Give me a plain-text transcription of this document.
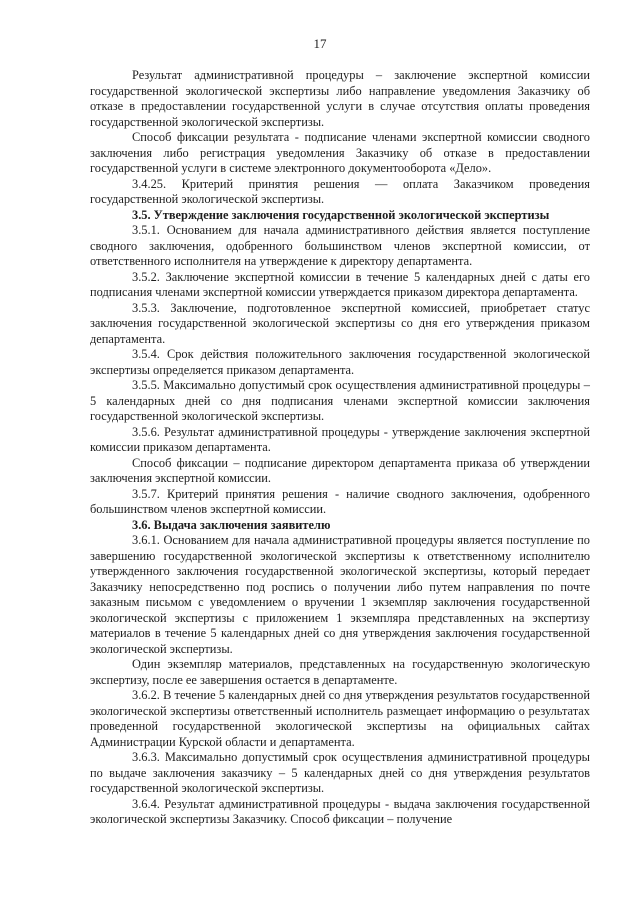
17

Результат административной процедуры – заключение экспертной комиссии государственной экологической экспертизы либо направление уведомления Заказчику об отказе в предоставлении государственной услуги в случае отсутствия оплаты проведения государственной экологической экспертизы.

Способ фиксации результата - подписание членами экспертной комиссии сводного заключения либо регистрация уведомления Заказчику об отказе в предоставлении государственной услуги в системе электронного документооборота «Дело».

3.4.25. Критерий принятия решения — оплата Заказчиком проведения государственной экологической экспертизы.

3.5. Утверждение заключения государственной экологической экспертизы

3.5.1. Основанием для начала административного действия является поступление сводного заключения, одобренного большинством членов экспертной комиссии, от ответственного исполнителя на утверждение к директору департамента.

3.5.2. Заключение экспертной комиссии в течение 5 календарных дней с даты его подписания членами экспертной комиссии утверждается приказом директора департамента.

3.5.3. Заключение, подготовленное экспертной комиссией, приобретает статус заключения государственной экологической экспертизы со дня его утверждения приказом департамента.

3.5.4. Срок действия положительного заключения государственной экологической экспертизы определяется приказом департамента.

3.5.5. Максимально допустимый срок осуществления административной процедуры – 5 календарных дней со дня подписания членами экспертной комиссии заключения государственной экологической экспертизы.

3.5.6. Результат административной процедуры - утверждение заключения экспертной комиссии приказом департамента.

Способ фиксации – подписание директором департамента приказа об утверждении заключения экспертной комиссии.

3.5.7. Критерий принятия решения - наличие сводного заключения, одобренного большинством членов экспертной комиссии.

3.6. Выдача заключения заявителю

3.6.1. Основанием для начала административной процедуры является поступление по завершению государственной экологической экспертизы к ответственному исполнителю утвержденного заключения государственной экологической экспертизы, который передает Заказчику непосредственно под роспись о получении либо путем направления по почте заказным письмом с уведомлением о вручении 1 экземпляр заключения государственной экологической экспертизы с приложением 1 экземпляра представленных на экспертизу материалов в течение 5 календарных дней со дня утверждения заключения государственной экологической экспертизы.

Один экземпляр материалов, представленных на государственную экологическую экспертизу, после ее завершения остается в департаменте.

3.6.2. В течение 5 календарных дней со дня утверждения результатов государственной экологической экспертизы ответственный исполнитель размещает информацию о результатах проведенной государственной экологической экспертизы на официальных сайтах Администрации Курской области и департамента.

3.6.3. Максимально допустимый срок осуществления административной процедуры по выдаче заключения заказчику – 5 календарных дней со дня утверждения результатов государственной экологической экспертизы.

3.6.4. Результат административной процедуры - выдача заключения государственной экологической экспертизы Заказчику. Способ фиксации – получение
